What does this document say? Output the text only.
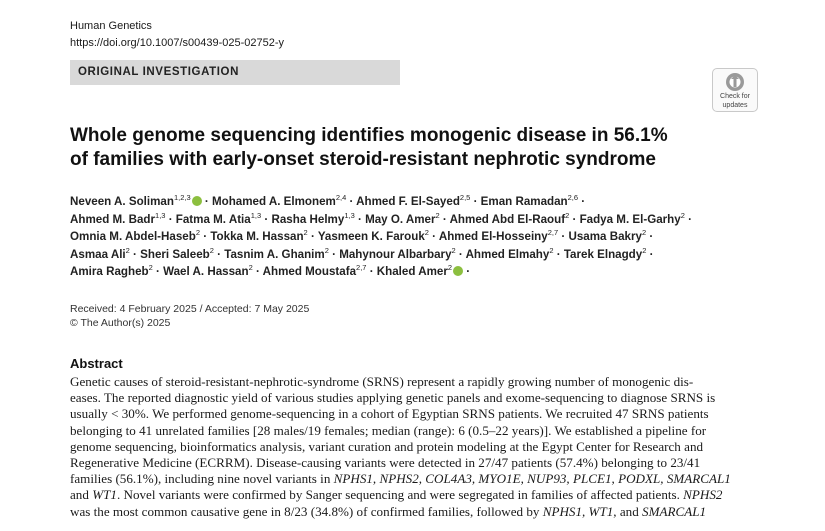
Human Genetics
https://doi.org/10.1007/s00439-025-02752-y
ORIGINAL INVESTIGATION
Check for
updates
Whole genome sequencing identifies monogenic disease in 56.1%
of families with early-onset steroid-resistant nephrotic syndrome
Neveen A. Soliman$^{1,2,3}$ · Mohamed A. Elmonem$^{2,4}$ · Ahmed F. El-Sayed$^{2,5}$ · Eman Ramadan$^{2,6}$ ·
Ahmed M. Badr$^{1,3}$ · Fatma M. Atia$^{1,3}$ · Rasha Helmy$^{1,3}$ · May O. Amer$^2$ · Ahmed Abd El-Raouf$^2$ · Fadya M. El-Garhy$^2$ ·
Omnia M. Abdel-Haseb$^2$ · Tokka M. Hassan$^2$ · Yasmeen K. Farouk$^2$ · Ahmed El-Hosseiny$^{2,7}$ · Usama Bakry$^2$ ·
Asmaa Ali$^2$ · Sheri Saleeb$^2$ · Tasnim A. Ghanim$^2$ · Mahynour Albarbary$^2$ · Ahmed Elmahy$^2$ · Tarek Elnagdy$^2$ ·
Amira Ragheb$^2$ · Wael A. Hassan$^2$ · Ahmed Moustafa$^{2,7}$ · Khaled Amer$^2$ ·
Received: 4 February 2025 / Accepted: 7 May 2025
© The Author(s) 2025
Abstract
Genetic causes of steroid-resistant-nephrotic-syndrome (SRNS) represent a rapidly growing number of monogenic dis-
eases. The reported diagnostic yield of various studies applying genetic panels and exome-sequencing to diagnose SRNS is
usually < 30%. We performed genome-sequencing in a cohort of Egyptian SRNS patients. We recruited 47 SRNS patients
belonging to 41 unrelated families [28 males/19 females; median (range): 6 (0.5–22 years)]. We established a pipeline for
genome sequencing, bioinformatics analysis, variant curation and protein modeling at the Egypt Center for Research and
Regenerative Medicine (ECRRM). Disease-causing variants were detected in 27/47 patients (57.4%) belonging to 23/41
families (56.1%), including nine novel variants in NPHS1, NPHS2, COL4A3, MYO1E, NUP93, PLCE1, PODXL, SMARCAL1
and WT1. Novel variants were confirmed by Sanger sequencing and were segregated in families of affected patients. NPHS2
was the most common causative gene in 8/23 (34.8%) of confirmed families, followed by NPHS1, WT1, and SMARCAL1
